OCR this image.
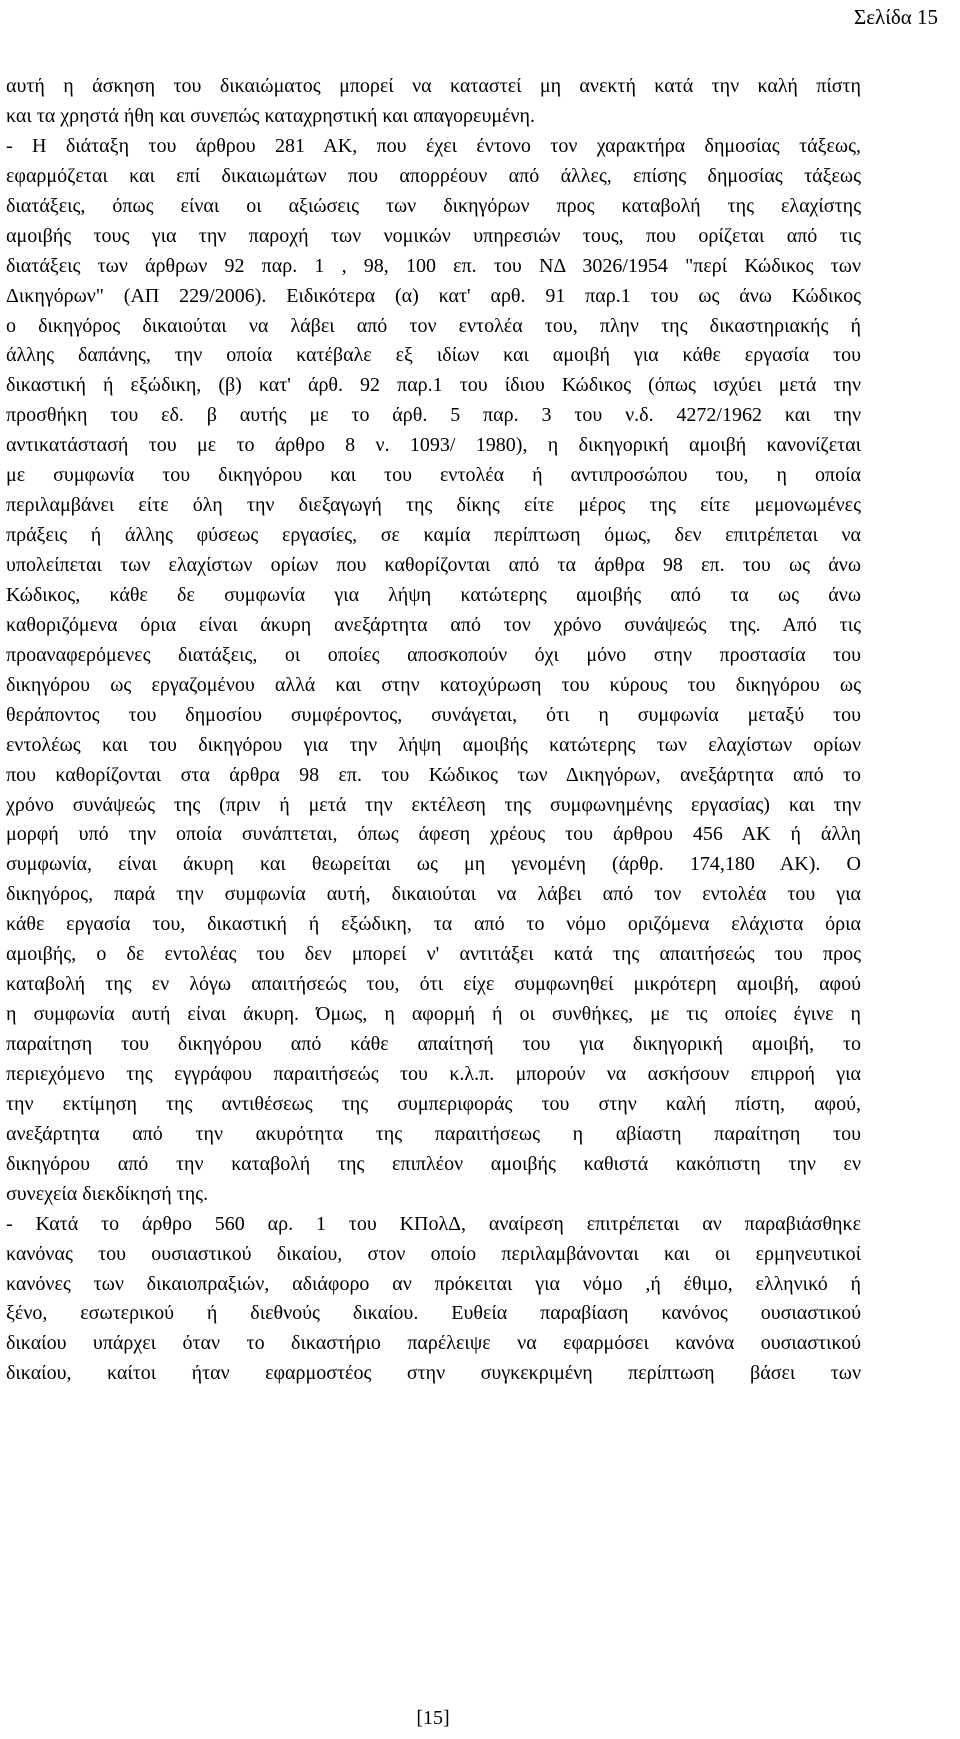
Σελίδα 15
αυτή η άσκηση του δικαιώματος μπορεί να καταστεί μη ανεκτή κατά την καλή πίστη
και τα χρηστά ήθη και συνεπώς καταχρηστική και απαγορευμένη.
- Η διάταξη του άρθρου 281 ΑΚ, που έχει έντονο τον χαρακτήρα δημοσίας τάξεως,
εφαρμόζεται και επί δικαιωμάτων που απορρέουν από άλλες, επίσης δημοσίας τάξεως
διατάξεις, όπως είναι οι αξιώσεις των δικηγόρων προς καταβολή της ελαχίστης
αμοιβής τους για την παροχή των νομικών υπηρεσιών τους, που ορίζεται από τις
διατάξεις των άρθρων 92 παρ. 1 , 98, 100 επ. του ΝΔ 3026/1954 "περί Κώδικος των
Δικηγόρων" (ΑΠ 229/2006). Ειδικότερα (α) κατ' αρθ. 91 παρ.1 του ως άνω Κώδικος
ο δικηγόρος δικαιούται να λάβει από τον εντολέα του, πλην της δικαστηριακής ή
άλλης δαπάνης, την οποία κατέβαλε εξ ιδίων και αμοιβή για κάθε εργασία του
δικαστική ή εξώδικη, (β) κατ' άρθ. 92 παρ.1 του ίδιου Κώδικος (όπως ισχύει μετά την
προσθήκη του εδ. β αυτής με το άρθ. 5 παρ. 3 του ν.δ. 4272/1962 και την
αντικατάστασή του με το άρθρο 8 ν. 1093/ 1980), η δικηγορική αμοιβή κανονίζεται
με συμφωνία του δικηγόρου και του εντολέα ή αντιπροσώπου του, η οποία
περιλαμβάνει είτε όλη την διεξαγωγή της δίκης είτε μέρος της είτε μεμονωμένες
πράξεις ή άλλης φύσεως εργασίες, σε καμία περίπτωση όμως, δεν επιτρέπεται να
υπολείπεται των ελαχίστων ορίων που καθορίζονται από τα άρθρα 98 επ. του ως άνω
Κώδικος, κάθε δε συμφωνία για λήψη κατώτερης αμοιβής από τα ως άνω
καθοριζόμενα όρια είναι άκυρη ανεξάρτητα από τον χρόνο συνάψεώς της. Από τις
προαναφερόμενες διατάξεις, οι οποίες αποσκοπούν όχι μόνο στην προστασία του
δικηγόρου ως εργαζομένου αλλά και στην κατοχύρωση του κύρους του δικηγόρου ως
θεράποντος του δημοσίου συμφέροντος, συνάγεται, ότι η συμφωνία μεταξύ του
εντολέως και του δικηγόρου για την λήψη αμοιβής κατώτερης των ελαχίστων ορίων
που καθορίζονται στα άρθρα 98 επ. του Κώδικος των Δικηγόρων, ανεξάρτητα από το
χρόνο συνάψεώς της (πριν ή μετά την εκτέλεση της συμφωνημένης εργασίας) και την
μορφή υπό την οποία συνάπτεται, όπως άφεση χρέους του άρθρου 456 ΑΚ ή άλλη
συμφωνία, είναι άκυρη και θεωρείται ως μη γενομένη (άρθρ. 174,180 ΑΚ). Ο
δικηγόρος, παρά την συμφωνία αυτή, δικαιούται να λάβει από τον εντολέα του για
κάθε εργασία του, δικαστική ή εξώδικη, τα από το νόμο οριζόμενα ελάχιστα όρια
αμοιβής, ο δε εντολέας του δεν μπορεί ν' αντιτάξει κατά της απαιτήσεώς του προς
καταβολή της εν λόγω απαιτήσεώς του, ότι είχε συμφωνηθεί μικρότερη αμοιβή, αφού
η συμφωνία αυτή είναι άκυρη. Όμως, η αφορμή ή οι συνθήκες, με τις οποίες έγινε η
παραίτηση του δικηγόρου από κάθε απαίτησή του για δικηγορική αμοιβή, το
περιεχόμενο της εγγράφου παραιτήσεώς του κ.λ.π. μπορούν να ασκήσουν επιρροή για
την εκτίμηση της αντιθέσεως της συμπεριφοράς του στην καλή πίστη, αφού,
ανεξάρτητα από την ακυρότητα της παραιτήσεως η αβίαστη παραίτηση του
δικηγόρου από την καταβολή της επιπλέον αμοιβής καθιστά κακόπιστη την εν
συνεχεία διεκδίκησή της.
- Κατά το άρθρο 560 αρ. 1 του ΚΠολΔ, αναίρεση επιτρέπεται αν παραβιάσθηκε
κανόνας του ουσιαστικού δικαίου, στον οποίο περιλαμβάνονται και οι ερμηνευτικοί
κανόνες των δικαιοπραξιών, αδιάφορο αν πρόκειται για νόμο ,ή έθιμο, ελληνικό ή
ξένο, εσωτερικού ή διεθνούς δικαίου. Ευθεία παραβίαση κανόνος ουσιαστικού
δικαίου υπάρχει όταν το δικαστήριο παρέλειψε να εφαρμόσει κανόνα ουσιαστικού
δικαίου, καίτοι ήταν εφαρμοστέος στην συγκεκριμένη περίπτωση βάσει των
[15]
